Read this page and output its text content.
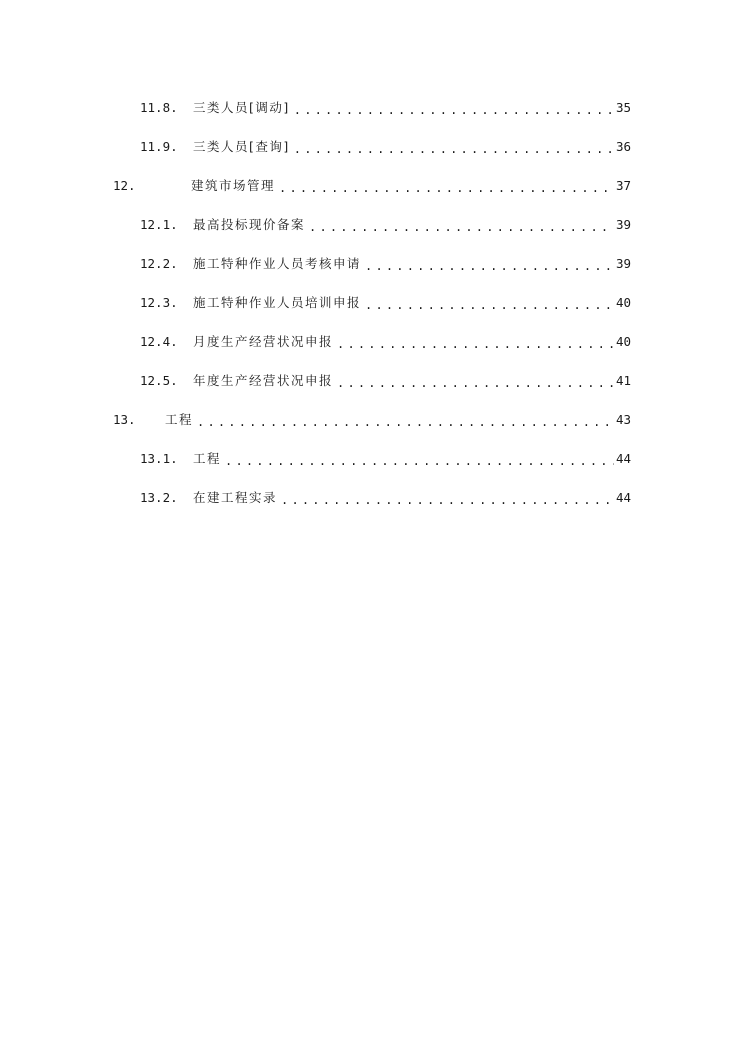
11.8.	三类人员[调动] .....	35
11.9.	三类人员[查询] .....	36
12.	建筑市场管理 .....	37
12.1.	最高投标现价备案 .....	39
12.2.	施工特种作业人员考核申请 .....	39
12.3.	施工特种作业人员培训申报 .....	40
12.4.	月度生产经营状况申报 .....	40
12.5.	年度生产经营状况申报 .....	41
13.	工程 .....	43
13.1.	工程 .....	44
13.2.	在建工程实录 .....	44
